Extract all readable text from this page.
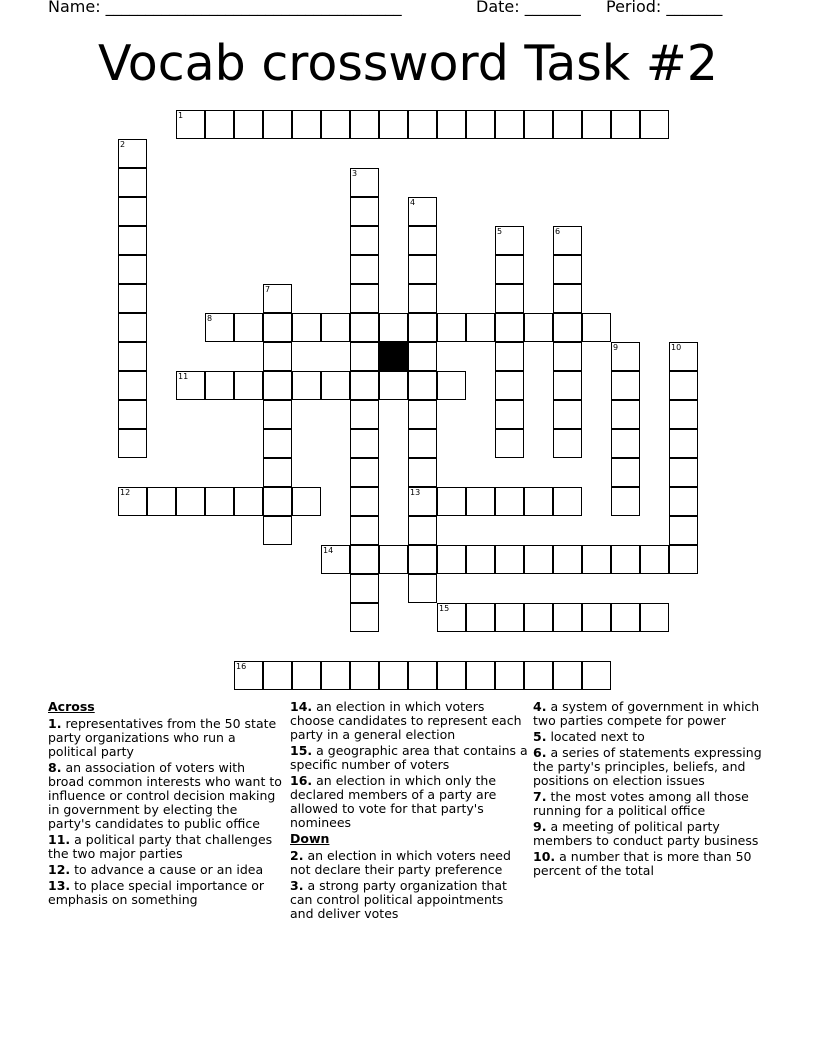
Name: _____________________________________	Date: _______ Period: _______
Vocab crossword Task #2
1
2
3
4
13
5	6
7
8
9	10
11
12
14
15
16
Across
1. representatives from the 50 state party organizations who run a political party
8. an association of voters with broad common interests who want to influence or control decision making in government by electing the party's candidates to public office
11. a political party that challenges the two major parties
12. to advance a cause or an idea
13. to place special importance or emphasis on something
14. an election in which voters choose candidates to represent each party in a general election
15. a geographic area that contains a specific number of voters
16. an election in which only the declared members of a party are allowed to vote for that party's nominees
Down
2. an election in which voters need not declare their party preference
3. a strong party organization that can control political appointments and deliver votes
4. a system of government in which two parties compete for power
5. located next to
6. a series of statements expressing the party's principles, beliefs, and positions on election issues
7. the most votes among all those running for a political office
9. a meeting of political party members to conduct party business
10. a number that is more than 50 percent of the total
